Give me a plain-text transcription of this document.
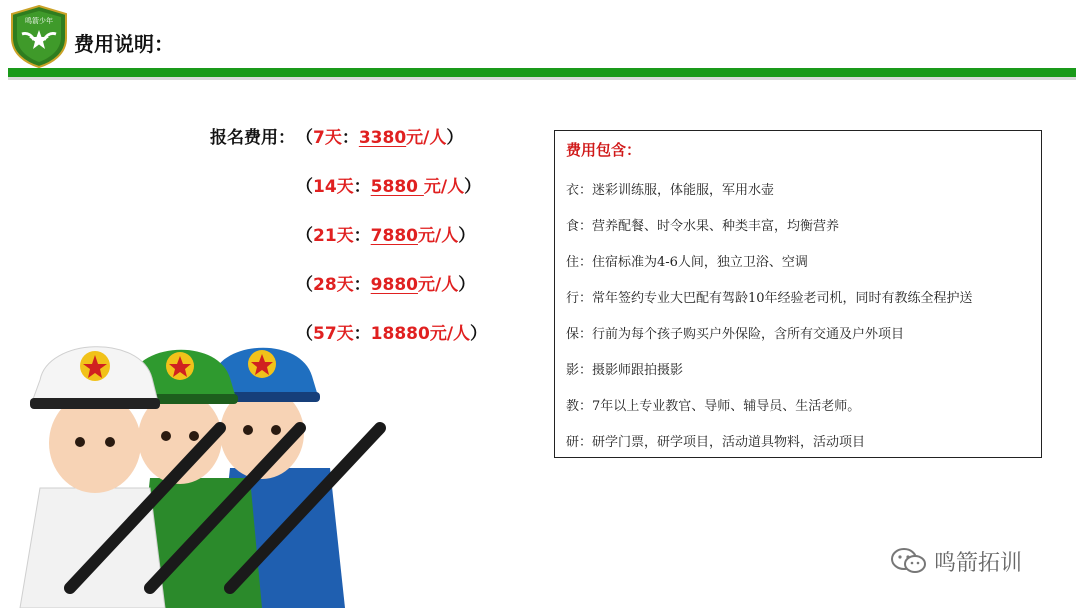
鸣箭少年
费用说明：
报名费用： （7天：3380元/人）
（14天：5880 元/人）
（21天：7880元/人）
（28天：9880元/人）
（57天：18880元/人）
费用包含：
衣：迷彩训练服，体能服，军用水壶
食：营养配餐、时令水果、种类丰富，均衡营养
住：住宿标准为4-6人间，独立卫浴、空调
行：常年签约专业大巴配有驾龄10年经验老司机，同时有教练全程护送
保：行前为每个孩子购买户外保险，含所有交通及户外项目
影：摄影师跟拍摄影
教：7年以上专业教官、导师、辅导员、生活老师。
研：研学门票，研学项目，活动道具物料，活动项目
鸣箭拓训
